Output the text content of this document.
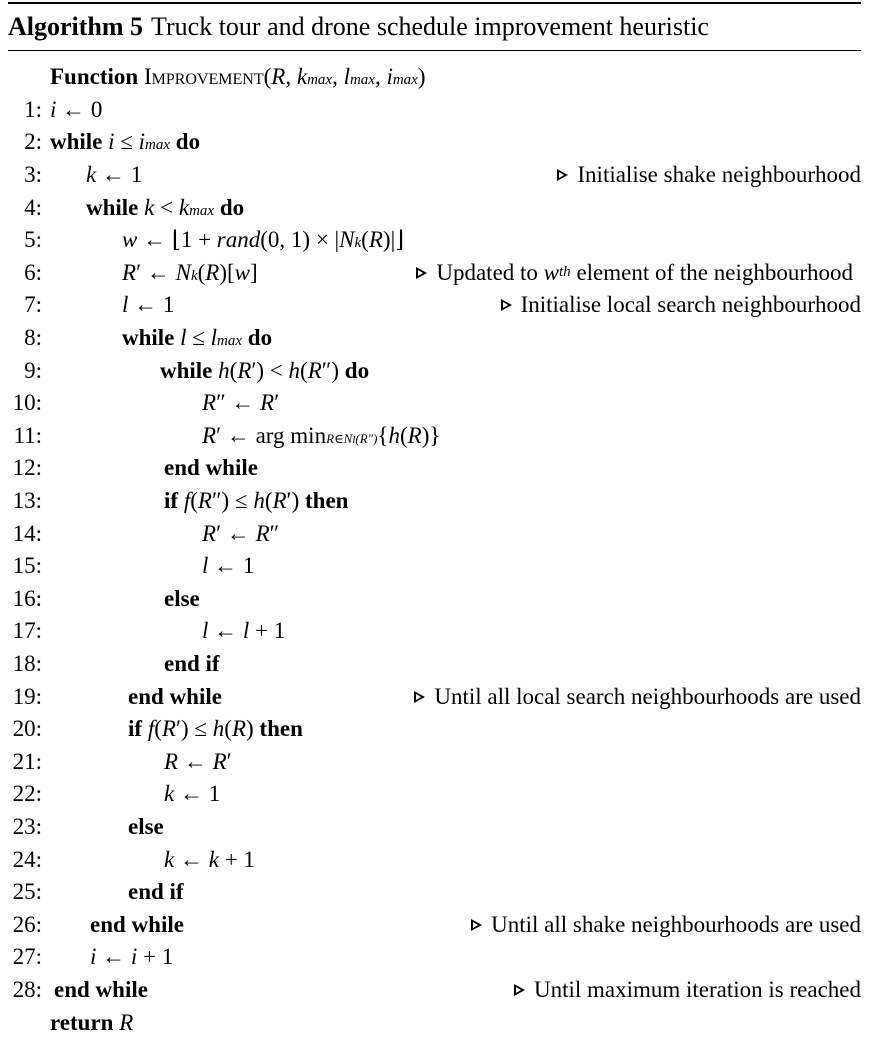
Algorithm 5 Truck tour and drone schedule improvement heuristic
Function
Improvement ( R , k max , l max , i max )
1: i ← 0
2: while
i ≤ i max
do
3: k ← 1	Initialise shake neighbourhood
4: while
k < k max
do
5:	w ← ⌊1 + rand (0, 1) × | N k ( R )|⌋
6:	R ′ ← N k ( R )[ w ]	Updated to w th element of the neighbourhood
7:	l ← 1	Initialise local search neighbourhood
8:	while
l ≤ l max
do
9:	while
h ( R ′) < h ( R ″) do
10:	R ″ ← R ′
11:	R ′ ← arg min R∈Nl(R″) { h ( R )}
12:	end while
13:	if
f ( R ″) ≤ h ( R ′) then
14:	R ′ ← R ″
15:	l ← 1
16:	else
17:	l ← l + 1
18:	end if
19:	end while	Until all local search neighbourhoods are used
20:	if
f ( R ′) ≤ h ( R ) then
21:	R ← R ′
22:	k ← 1
23:	else
24:	k ← k + 1
25:	end if
26: end while	Until all shake neighbourhoods are used
27: i ← i + 1
28: end while	Until maximum iteration is reached
return
R
